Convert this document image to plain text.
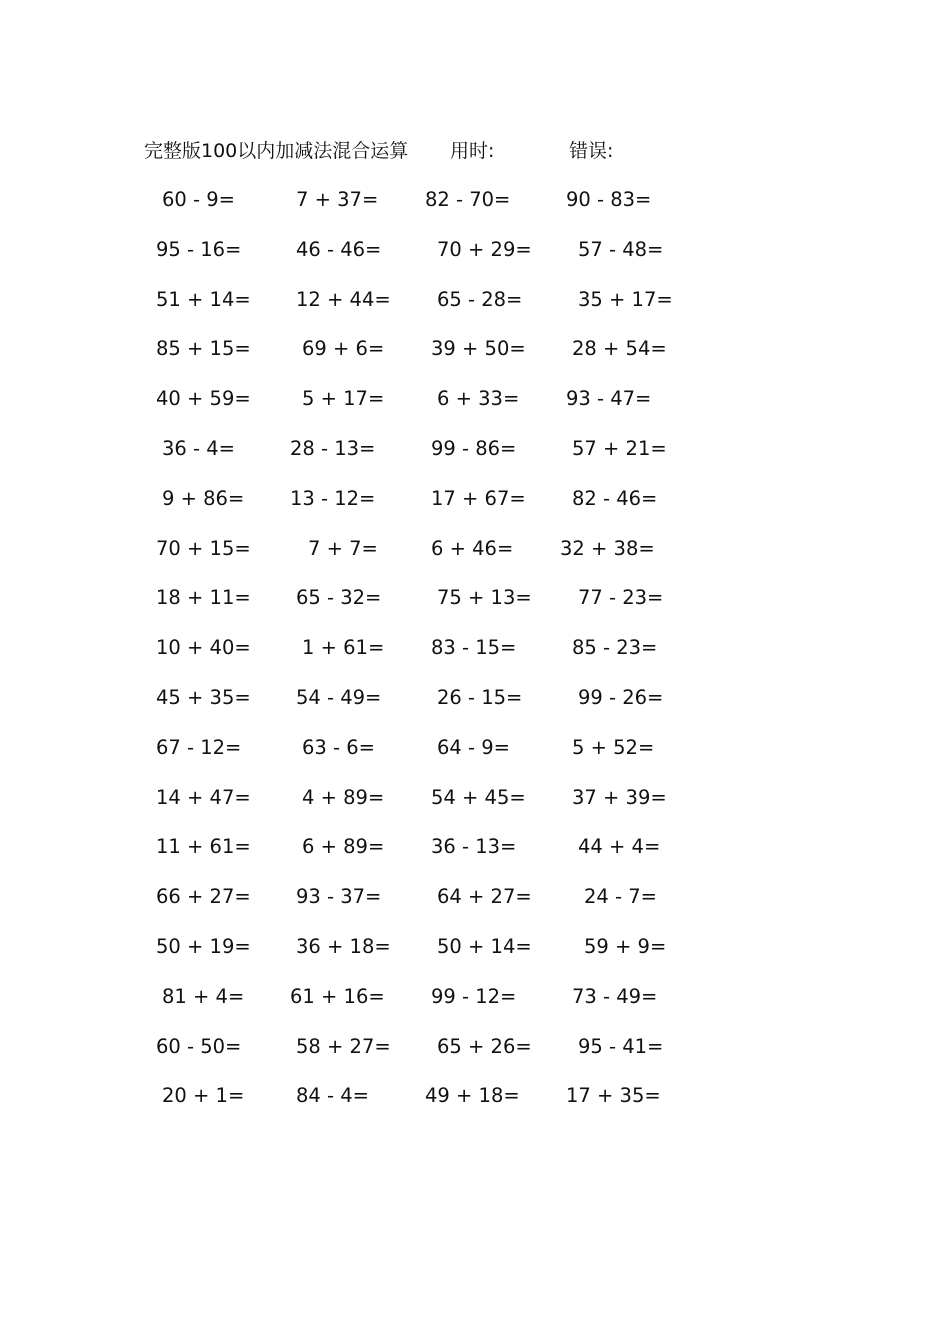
完整版100以内加减法混合运算 用时:	错误:
60 - 9=	7 + 37=	82 - 70=	90 - 83=
95 - 16=	46 - 46=	70 + 29=	57 - 48=
51 + 14=	12 + 44=	65 - 28=	35 + 17=
85 + 15=	69 + 6=	39 + 50=	28 + 54=
40 + 59=	5 + 17=	6 + 33=	93 - 47=
36 - 4=	28 - 13=	99 - 86=	57 + 21=
9 + 86=	13 - 12=	17 + 67=	82 - 46=
70 + 15=	7 + 7=	6 + 46=	32 + 38=
18 + 11=	65 - 32=	75 + 13=	77 - 23=
10 + 40=	1 + 61=	83 - 15=	85 - 23=
45 + 35=	54 - 49=	26 - 15=	99 - 26=
67 - 12=	63 - 6=	64 - 9=	5 + 52=
14 + 47=	4 + 89=	54 + 45=	37 + 39=
11 + 61=	6 + 89=	36 - 13=	44 + 4=
66 + 27=	93 - 37=	64 + 27=	24 - 7=
50 + 19=	36 + 18=	50 + 14=	59 + 9=
81 + 4=	61 + 16=	99 - 12=	73 - 49=
60 - 50=	58 + 27=	65 + 26=	95 - 41=
20 + 1=	84 - 4=	49 + 18=	17 + 35=
